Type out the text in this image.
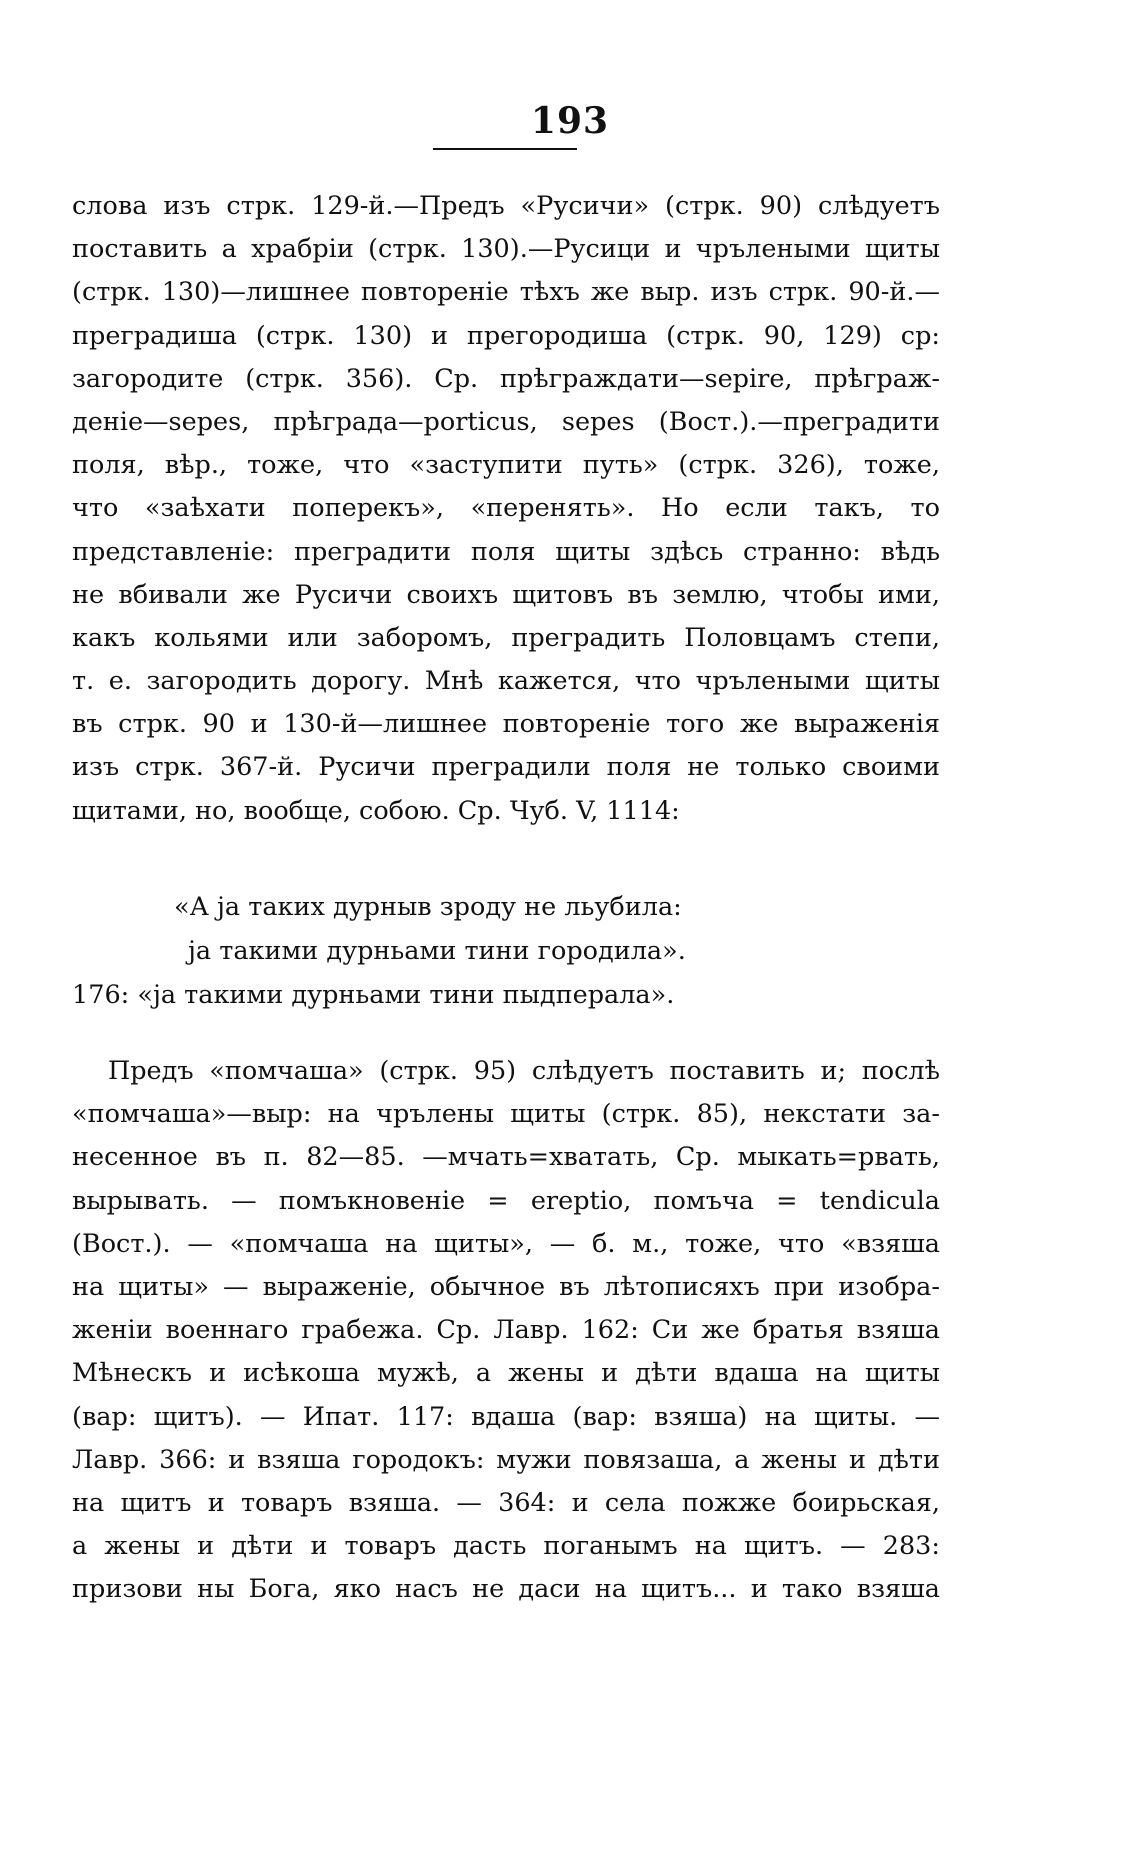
193
слова изъ стрк. 129-й.—Предъ «Русичи» (стрк. 90) слѣдуетъ
поставить а храбріи (стрк. 130).—Русици и чрълеными щиты
(стрк. 130)—лишнее повтореніе тѣхъ же выр. изъ стрк. 90-й.—
преградиша (стрк. 130) и прегородиша (стрк. 90, 129) ср:
загородите (стрк. 356). Ср. прѣграждати—sepire, прѣграж-
деніе—sepes, прѣграда—porticus, sepes (Вост.).—преградити
поля, вѣр., тоже, что «заступити путь» (стрк. 326), тоже,
что «заѣхати поперекъ», «перенять». Но если такъ, то
представленіе: преградити поля щиты здѣсь странно: вѣдь
не вбивали же Русичи своихъ щитовъ въ землю, чтобы ими,
какъ кольями или заборомъ, преградить Половцамъ степи,
т. е. загородить дорогу. Мнѣ кажется, что чрълеными щиты
въ стрк. 90 и 130-й—лишнее повтореніе того же выраженія
изъ стрк. 367-й. Русичи преградили поля не только своими
щитами, но, вообще, собою. Ср. Чуб. V, 1114:
«А ја таких дурныв зроду не льубила:
ја такими дурньами тини городила».
176: «ја такими дурньами тини пыдперала».
Предъ «помчаша» (стрк. 95) слѣдуетъ поставить и; послѣ
«помчаша»—выр: на чрълены щиты (стрк. 85), некстати за-
несенное въ п. 82—85. —мчать=хватать, Ср. мыкать=рвать,
вырывать. — помъкновеніе = ereptio, помъча = tendicula
(Вост.). — «помчаша на щиты», — б. м., тоже, что «взяша
на щиты» — выраженіе, обычное въ лѣтописяхъ при изобра-
женіи военнаго грабежа. Ср. Лавр. 162: Си же братья взяша
Мѣнескъ и исѣкоша мужѣ, а жены и дѣти вдаша на щиты
(вар: щитъ). — Ипат. 117: вдаша (вар: взяша) на щиты. —
Лавр. 366: и взяша городокъ: мужи повязаша, а жены и дѣти
на щитъ и товаръ взяша. — 364: и села пожже боирьская,
а жены и дѣти и товаръ дасть поганымъ на щитъ. — 283:
призови ны Бога, яко насъ не даси на щитъ... и тако взяша
